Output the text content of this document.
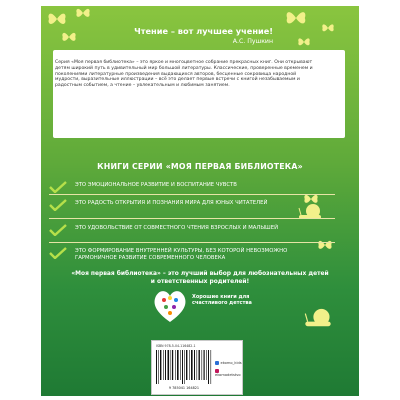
Чтение – вот лучшее учение!
А.С. Пушкин
Серия «Моя первая библиотека» – это яркое и многоцветное собрание прекрасных книг. Они открывают детям широкий путь в удивительный мир большой литературы. Классические, проверенные временем и поколениями литературные произведения выдающихся авторов, бесценные сокровища народной мудрости, выразительные иллюстрации – всё это делает первые встречи с книгой незабываемым и радостным событием, а чтение – увлекательным и любимым занятием.
КНИГИ СЕРИИ «МОЯ ПЕРВАЯ БИБЛИОТЕКА»
ЭТО ЭМОЦИОНАЛЬНОЕ РАЗВИТИЕ И ВОСПИТАНИЕ ЧУВСТВ
ЭТО РАДОСТЬ ОТКРЫТИЯ И ПОЗНАНИЯ МИРА ДЛЯ ЮНЫХ ЧИТАТЕЛЕЙ
ЭТО УДОВОЛЬСТВИЕ ОТ СОВМЕСТНОГО ЧТЕНИЯ ВЗРОСЛЫХ И МАЛЫШЕЙ
ЭТО ФОРМИРОВАНИЕ ВНУТРЕННЕЙ КУЛЬТУРЫ, БЕЗ КОТОРОЙ НЕВОЗМОЖНО ГАРМОНИЧНОЕ РАЗВИТИЕ СОВРЕМЕННОГО ЧЕЛОВЕКА
«Моя первая библиотека» – это лучший выбор для любознательных детей и ответственных родителей!
Хорошие книги для счастливого детства
ISBN 978-5-04-116482-1
9 785041 164821
ekomo_kids
ekomodetstvo
